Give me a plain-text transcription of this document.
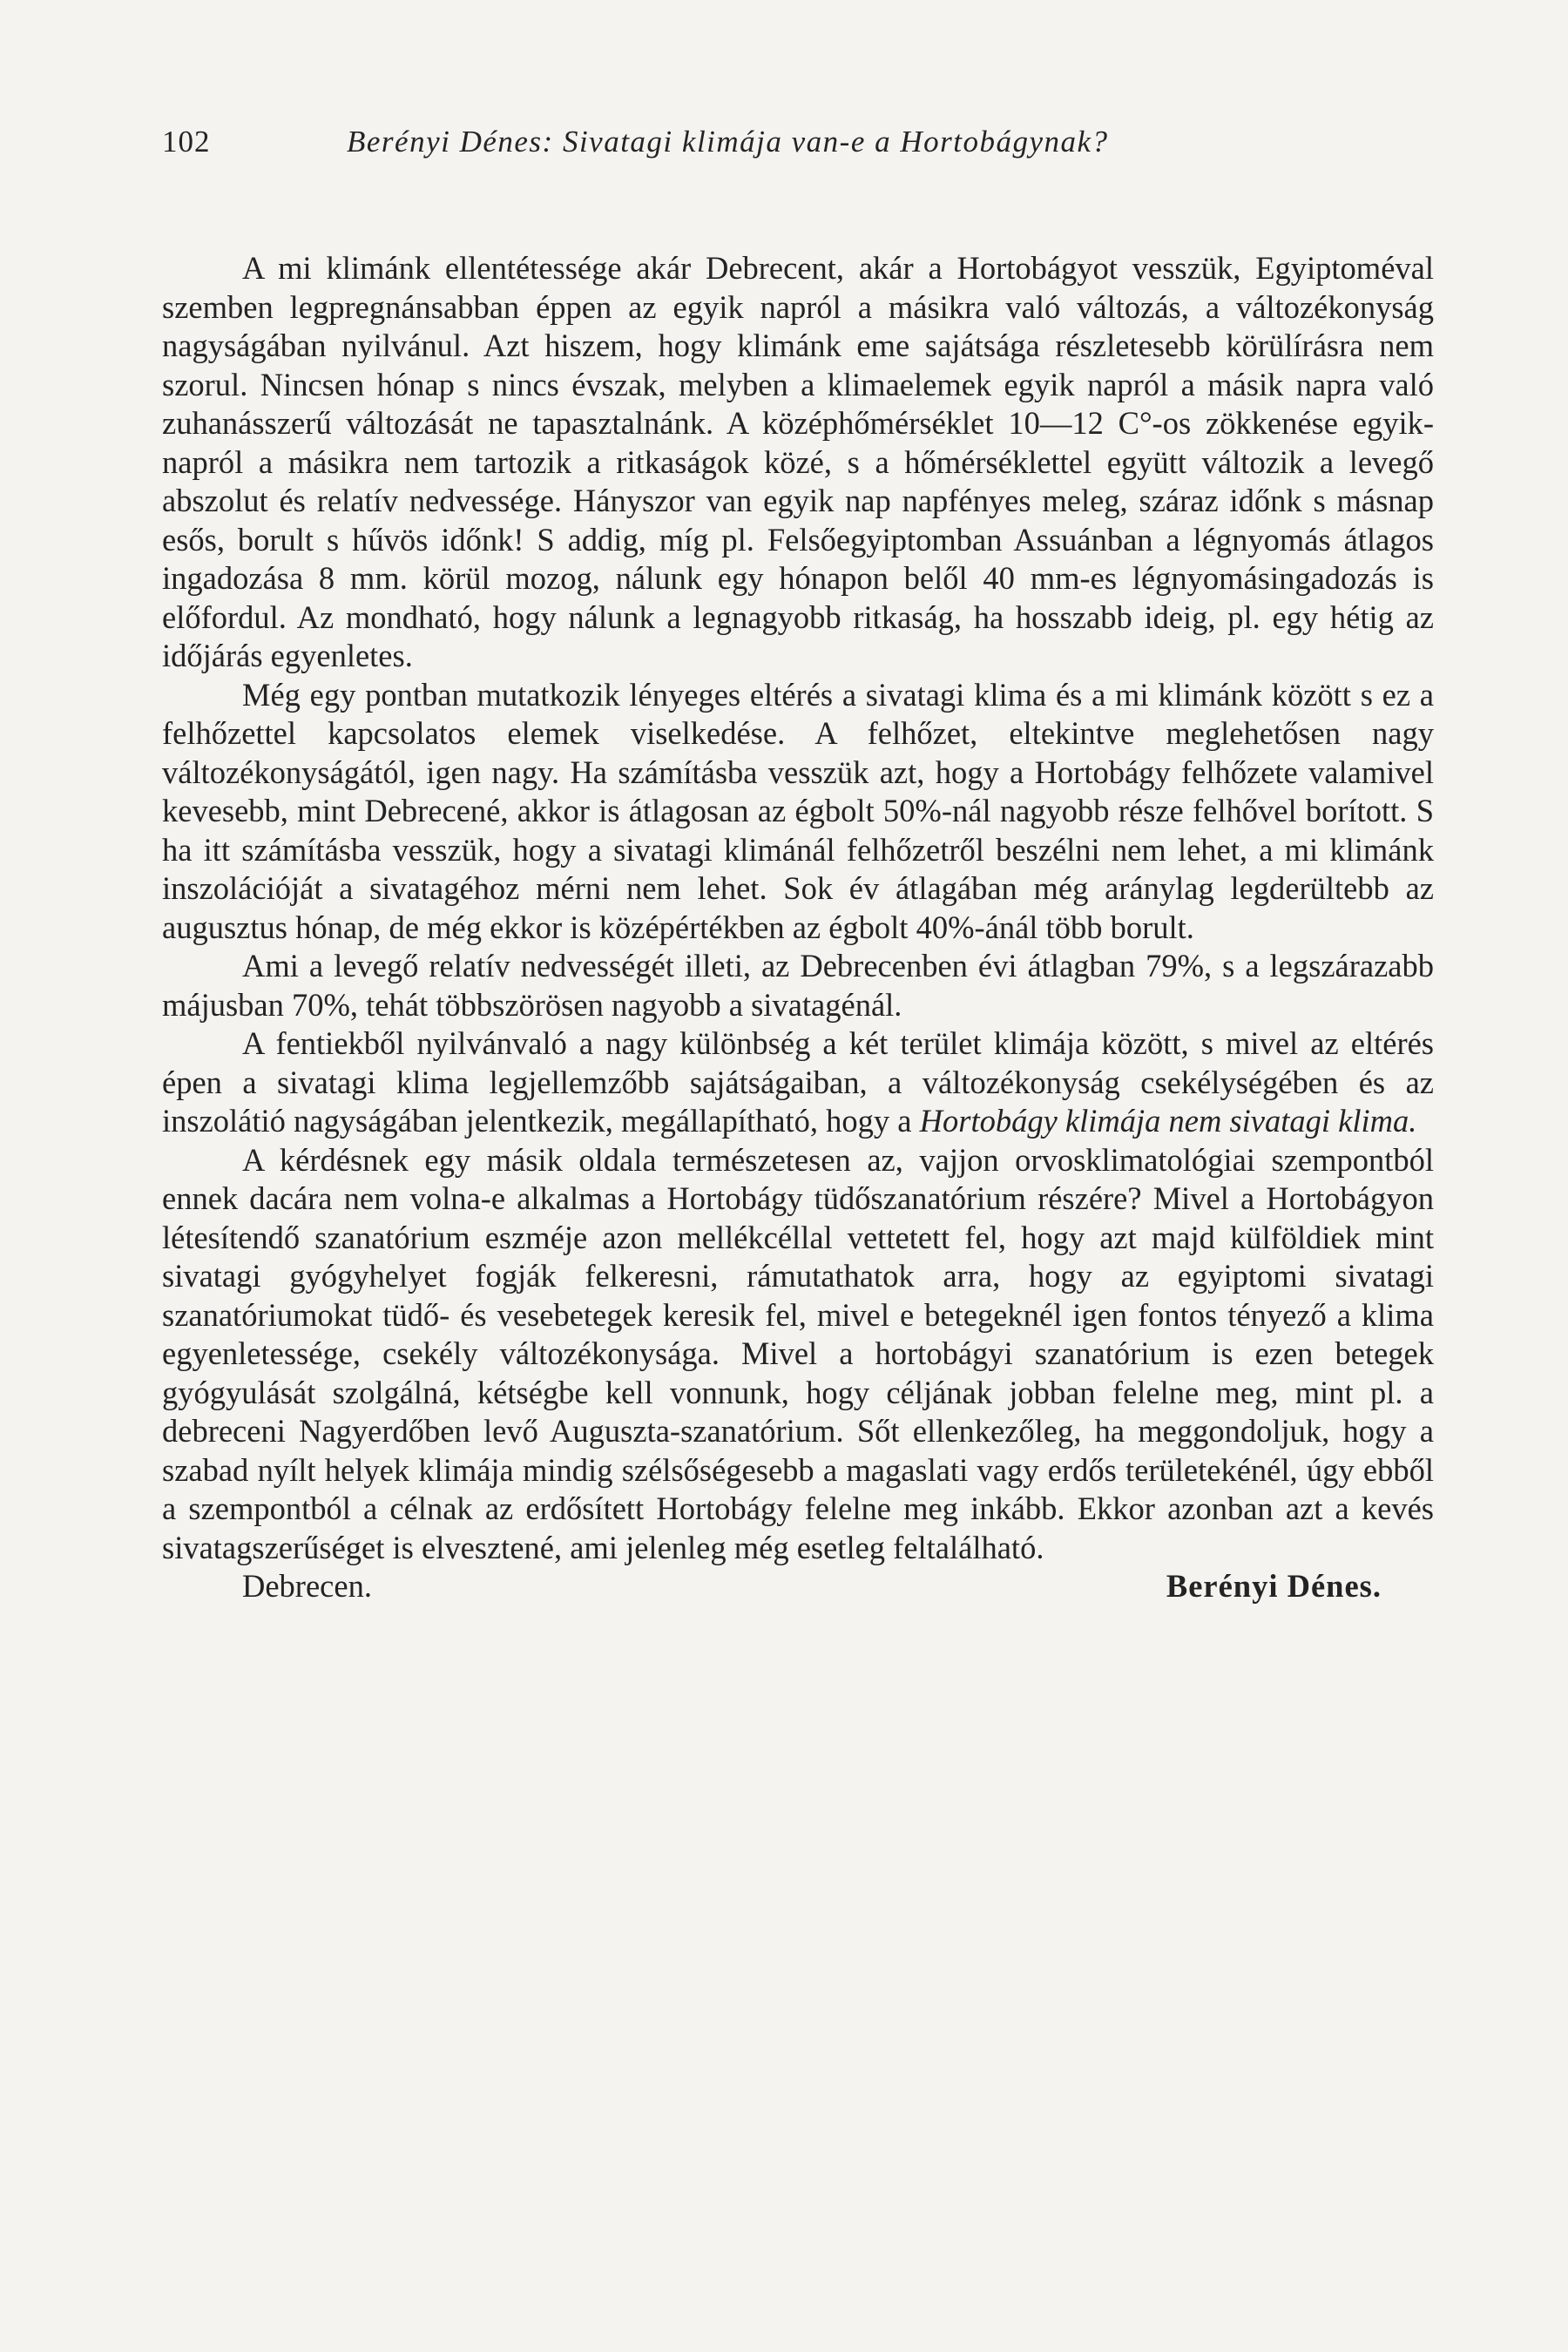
102	Berényi Dénes: Sivatagi klimája van-e a Hortobágynak?

A mi klimánk ellentétessége akár Debrecent, akár a Hortobágyot vesszük, Egyiptoméval szemben legpregnánsabban éppen az egyik napról a másikra való változás, a változékonyság nagyságában nyilvánul. Azt hiszem, hogy klimánk eme sajátsága részletesebb körülírásra nem szorul. Nincsen hónap s nincs évszak, melyben a klimaelemek egyik napról a másik napra való zuhanásszerű változását ne tapasztalnánk. A középhőmérséklet 10—12 C°-os zökkenése egyik-napról a másikra nem tartozik a ritkaságok közé, s a hőmérséklettel együtt változik a levegő abszolut és relatív nedvessége. Hányszor van egyik nap napfényes meleg, száraz időnk s másnap esős, borult s hűvös időnk! S addig, míg pl. Felsőegyiptomban Assuánban a légnyomás átlagos ingadozása 8 mm. körül mozog, nálunk egy hónapon belől 40 mm-es légnyomásingadozás is előfordul. Az mondható, hogy nálunk a legnagyobb ritkaság, ha hosszabb ideig, pl. egy hétig az időjárás egyenletes.

Még egy pontban mutatkozik lényeges eltérés a sivatagi klima és a mi klimánk között s ez a felhőzettel kapcsolatos elemek viselkedése. A felhőzet, eltekintve meglehetősen nagy változékonyságától, igen nagy. Ha számításba vesszük azt, hogy a Hortobágy felhőzete valamivel kevesebb, mint Debrecené, akkor is átlagosan az égbolt 50%-nál nagyobb része felhővel borított. S ha itt számításba vesszük, hogy a sivatagi klimánál felhőzetről beszélni nem lehet, a mi klimánk inszolációját a sivatagéhoz mérni nem lehet. Sok év átlagában még aránylag legderültebb az augusztus hónap, de még ekkor is középértékben az égbolt 40%-ánál több borult.

Ami a levegő relatív nedvességét illeti, az Debrecenben évi átlagban 79%, s a legszárazabb májusban 70%, tehát többszörösen nagyobb a sivatagénál.

A fentiekből nyilvánvaló a nagy különbség a két terület klimája között, s mivel az eltérés épen a sivatagi klima legjellemzőbb sajátságaiban, a változékonyság csekélységében és az inszolátió nagyságában jelentkezik, megállapítható, hogy a Hortobágy klimája nem sivatagi klima.

A kérdésnek egy másik oldala természetesen az, vajjon orvosklimatológiai szempontból ennek dacára nem volna-e alkalmas a Hortobágy tüdőszanatórium részére? Mivel a Hortobágyon létesítendő szanatórium eszméje azon mellékcéllal vettetett fel, hogy azt majd külföldiek mint sivatagi gyógyhelyet fogják felkeresni, rámutathatok arra, hogy az egyiptomi sivatagi szanatóriumokat tüdő- és vesebetegek keresik fel, mivel e betegeknél igen fontos tényező a klima egyenletessége, csekély változékonysága. Mivel a hortobágyi szanatórium is ezen betegek gyógyulását szolgálná, kétségbe kell vonnunk, hogy céljának jobban felelne meg, mint pl. a debreceni Nagyerdőben levő Auguszta-szanatórium. Sőt ellenkezőleg, ha meggondoljuk, hogy a szabad nyílt helyek klimája mindig szélsőségesebb a magaslati vagy erdős területekénél, úgy ebből a szempontból a célnak az erdősített Hortobágy felelne meg inkább. Ekkor azonban azt a kevés sivatagszerűséget is elvesztené, ami jelenleg még esetleg feltalálható.

Debrecen.	Berényi Dénes.
